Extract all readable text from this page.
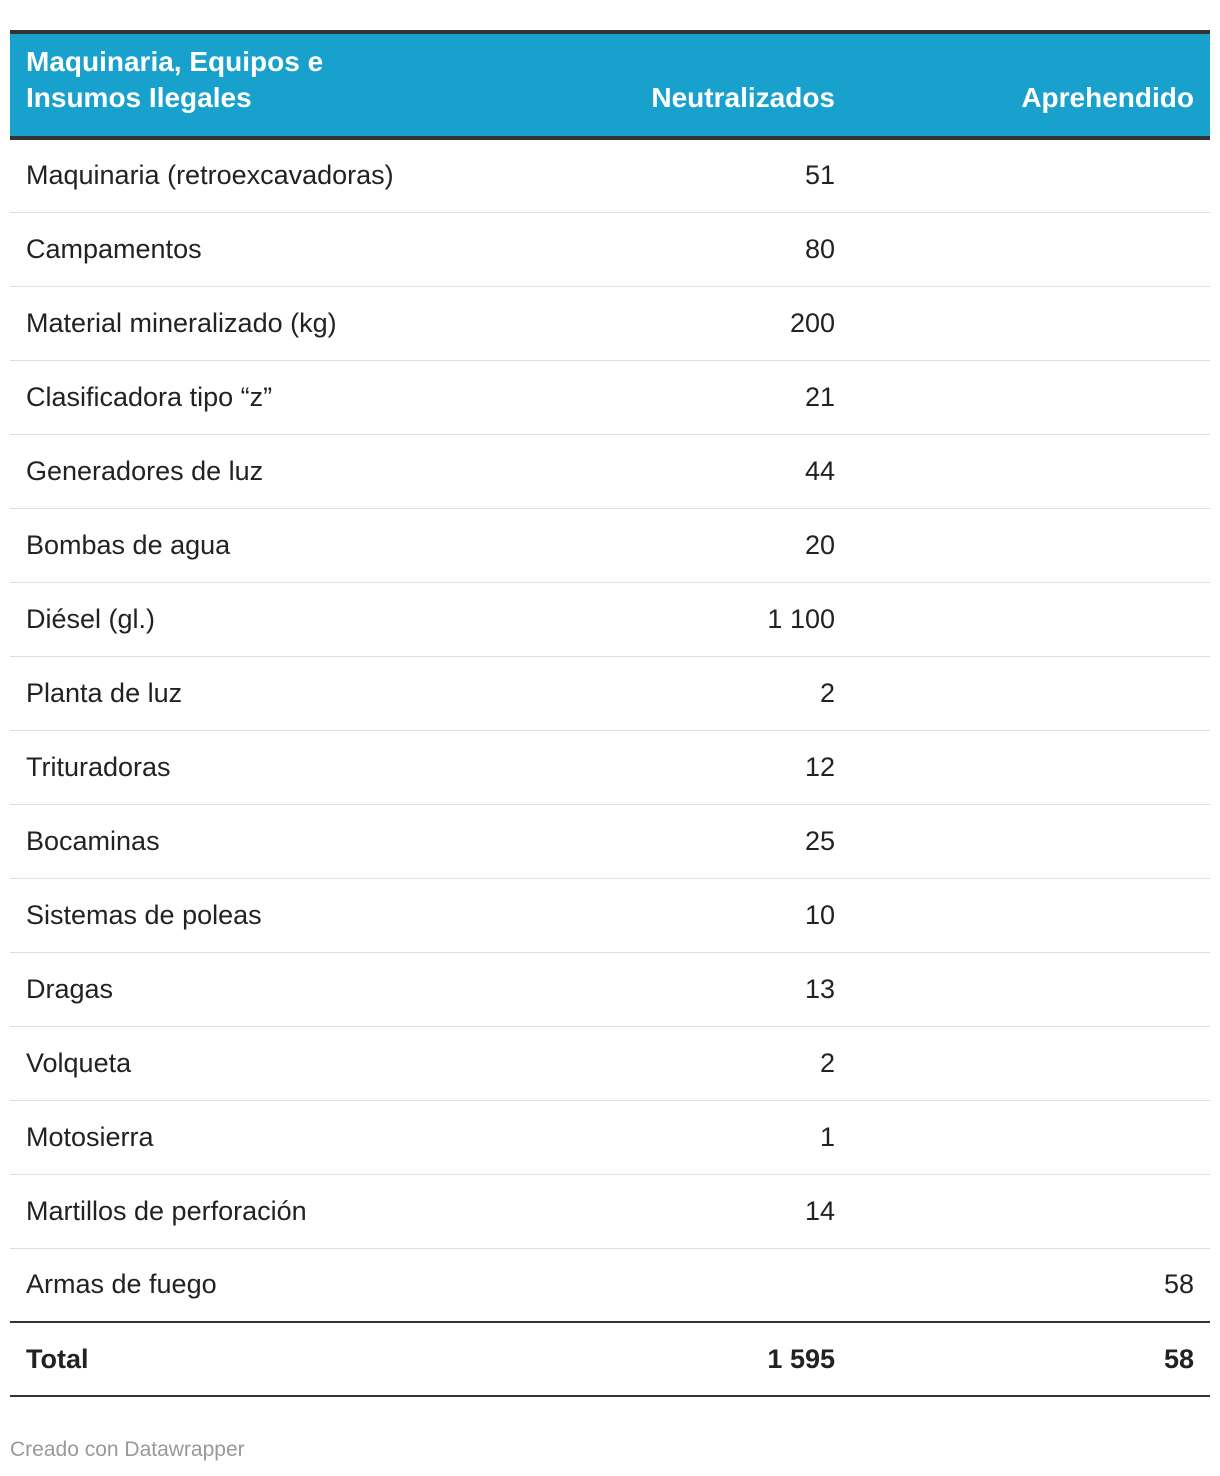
Maquinaria, Equipos e
Insumos Ilegales	Neutralizados	Aprehendido
Maquinaria (retroexcavadoras)	51	
Campamentos	80	
Material mineralizado (kg)	200	
Clasificadora tipo “z”	21	
Generadores de luz	44	
Bombas de agua	20	
Diésel (gl.)	1 100	
Planta de luz	2	
Trituradoras	12	
Bocaminas	25	
Sistemas de poleas	10	
Dragas	13	
Volqueta	2	
Motosierra	1	
Martillos de perforación	14	
Armas de fuego		58
Total	1 595	58
Creado con Datawrapper
